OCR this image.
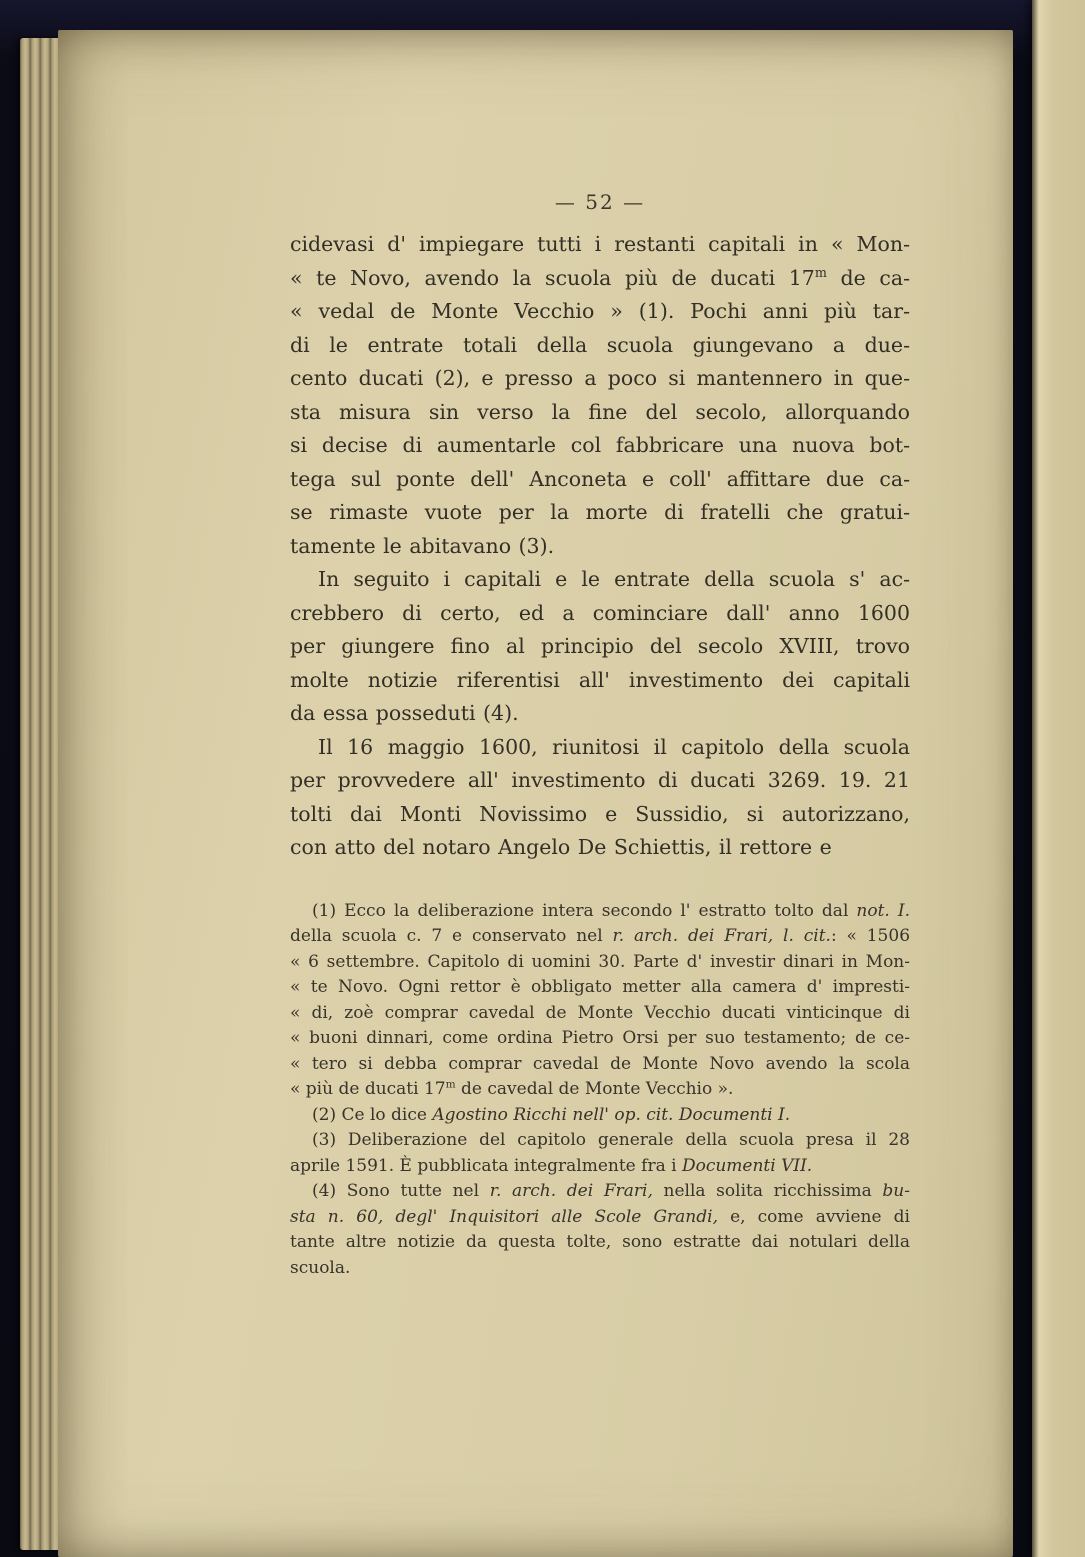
— 52 —
cidevasi d' impiegare tutti i restanti capitali in « Mon-
« te Novo, avendo la scuola più de ducati 17$^m$ de ca-
« vedal de Monte Vecchio » (1). Pochi anni più tar-
di le entrate totali della scuola giungevano a due-
cento ducati (2), e presso a poco si mantennero in que-
sta misura sin verso la fine del secolo, allorquando
si decise di aumentarle col fabbricare una nuova bot-
tega sul ponte dell' Anconeta e coll' affittare due ca-
se rimaste vuote per la morte di fratelli che gratui-
tamente le abitavano (3).
In seguito i capitali e le entrate della scuola s' ac-
crebbero di certo, ed a cominciare dall' anno 1600
per giungere fino al principio del secolo XVIII, trovo
molte notizie riferentisi all' investimento dei capitali
da essa posseduti (4).
Il 16 maggio 1600, riunitosi il capitolo della scuola
per provvedere all' investimento di ducati 3269. 19. 21
tolti dai Monti Novissimo e Sussidio, si autorizzano,
con atto del notaro Angelo De Schiettis, il rettore e
(1) Ecco la deliberazione intera secondo l' estratto tolto dal not. I.
della scuola c. 7 e conservato nel r. arch. dei Frari, l. cit.: « 1506
« 6 settembre. Capitolo di uomini 30. Parte d' investir dinari in Mon-
« te Novo. Ogni rettor è obbligato metter alla camera d' impresti-
« di, zoè comprar cavedal de Monte Vecchio ducati vinticinque di
« buoni dinnari, come ordina Pietro Orsi per suo testamento; de ce-
« tero si debba comprar cavedal de Monte Novo avendo la scola
« più de ducati 17$^m$ de cavedal de Monte Vecchio ».
(2) Ce lo dice Agostino Ricchi nell' op. cit. Documenti I.
(3) Deliberazione del capitolo generale della scuola presa il 28
aprile 1591. È pubblicata integralmente fra i Documenti VII.
(4) Sono tutte nel r. arch. dei Frari, nella solita ricchissima bu-
sta n. 60, degl' Inquisitori alle Scole Grandi, e, come avviene di
tante altre notizie da questa tolte, sono estratte dai notulari della
scuola.
